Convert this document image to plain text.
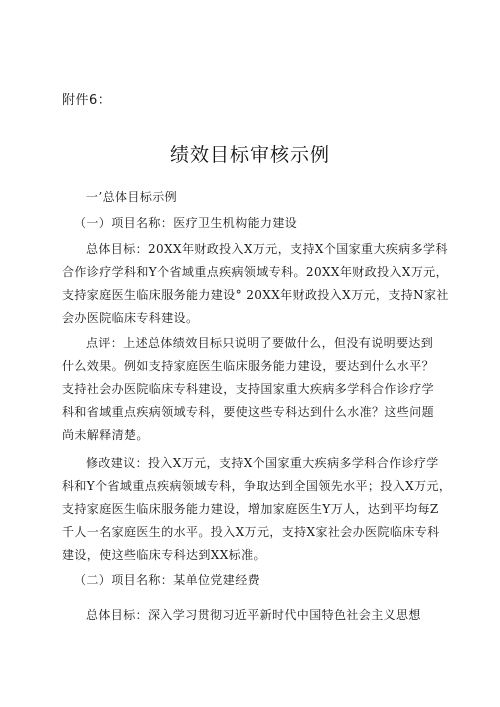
附件6：
绩效目标审核示例
一’总体目标示例
（一）项目名称：医疗卫生机构能力建设
总体目标：20XX年财政投入X万元，支持X个国家重大疾病多学科
合作诊疗学科和Y个省域重点疾病领域专科。20XX年财政投入X万元，
支持家庭医生临床服务能力建设° 20XX年财政投入X万元，支持N家社
会办医院临床专科建设。
点评：上述总体绩效目标只说明了要做什么，但没有说明要达到
什么效果。例如支持家庭医生临床服务能力建设，要达到什么水平？
支持社会办医院临床专科建设，支持国家重大疾病多学科合作诊疗学
科和省域重点疾病领域专科，要使这些专科达到什么水准？这些问题
尚未解释清楚。
修改建议：投入X万元，支持X个国家重大疾病多学科合作诊疗学
科和Y个省域重点疾病领域专科，争取达到全国领先水平；投入X万元，
支持家庭医生临床服务能力建设，增加家庭医生Y万人，达到平均每Z
千人一名家庭医生的水平。投入X万元，支持X家社会办医院临床专科
建设，使这些临床专科达到XX标准。
（二）项目名称：某单位党建经费
总体目标：深入学习贯彻习近平新时代中国特色社会主义思想
